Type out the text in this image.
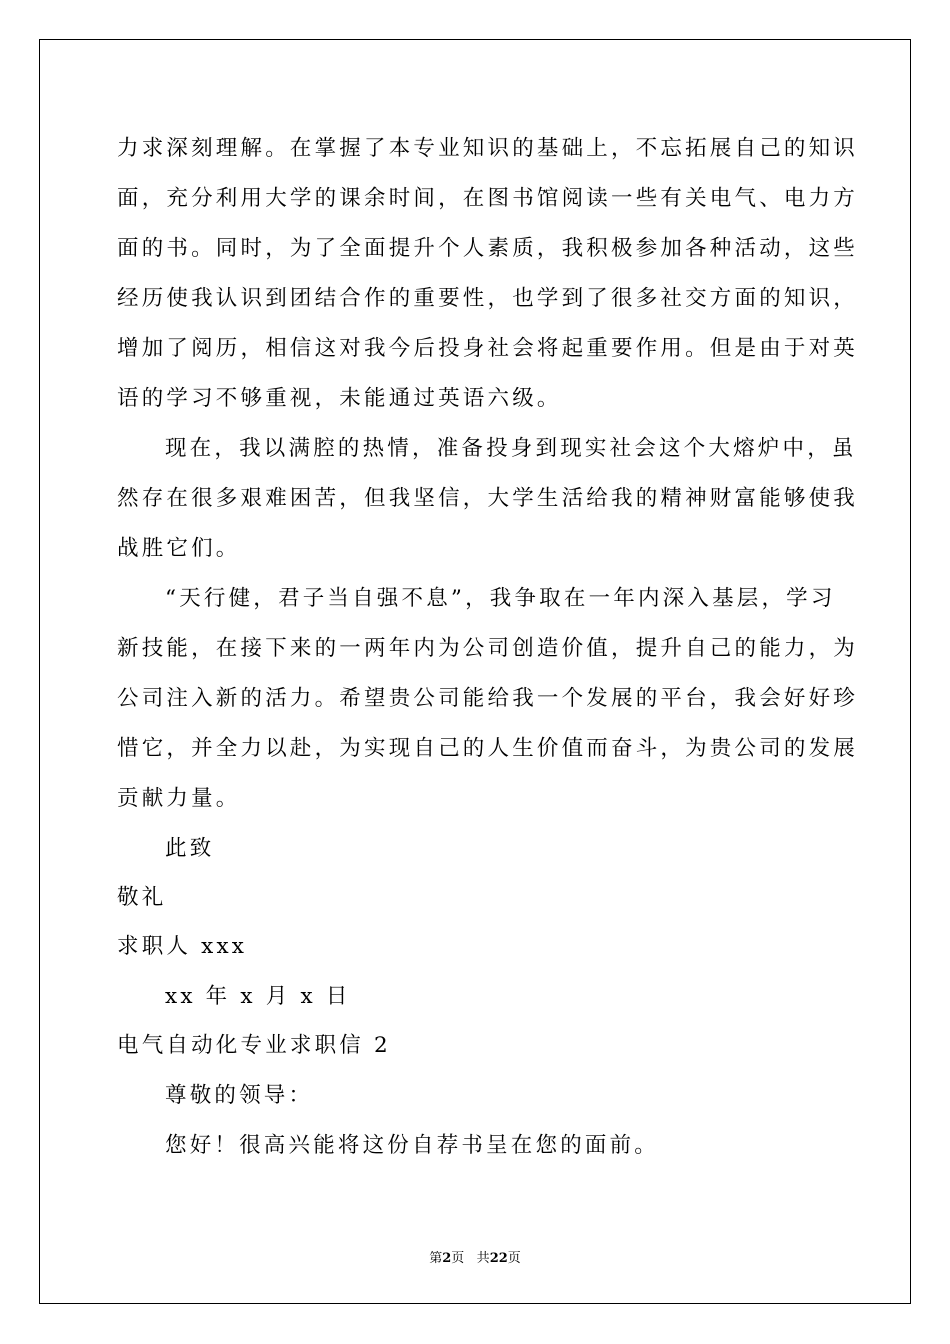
力求深刻理解。在掌握了本专业知识的基础上，不忘拓展自己的知识
面，充分利用大学的课余时间，在图书馆阅读一些有关电气、电力方
面的书。同时，为了全面提升个人素质，我积极参加各种活动，这些
经历使我认识到团结合作的重要性，也学到了很多社交方面的知识，
增加了阅历，相信这对我今后投身社会将起重要作用。但是由于对英
语的学习不够重视，未能通过英语六级。
现在，我以满腔的热情，准备投身到现实社会这个大熔炉中，虽
然存在很多艰难困苦，但我坚信，大学生活给我的精神财富能够使我
战胜它们。
“天行健，君子当自强不息”，我争取在一年内深入基层，学习
新技能，在接下来的一两年内为公司创造价值，提升自己的能力，为
公司注入新的活力。希望贵公司能给我一个发展的平台，我会好好珍
惜它，并全力以赴，为实现自己的人生价值而奋斗，为贵公司的发展
贡献力量。
此致
敬礼
求职人 xxx
xx 年 x 月 x 日
电气自动化专业求职信 2
尊敬的领导：
您好！很高兴能将这份自荐书呈在您的面前。
第2页 共22页
